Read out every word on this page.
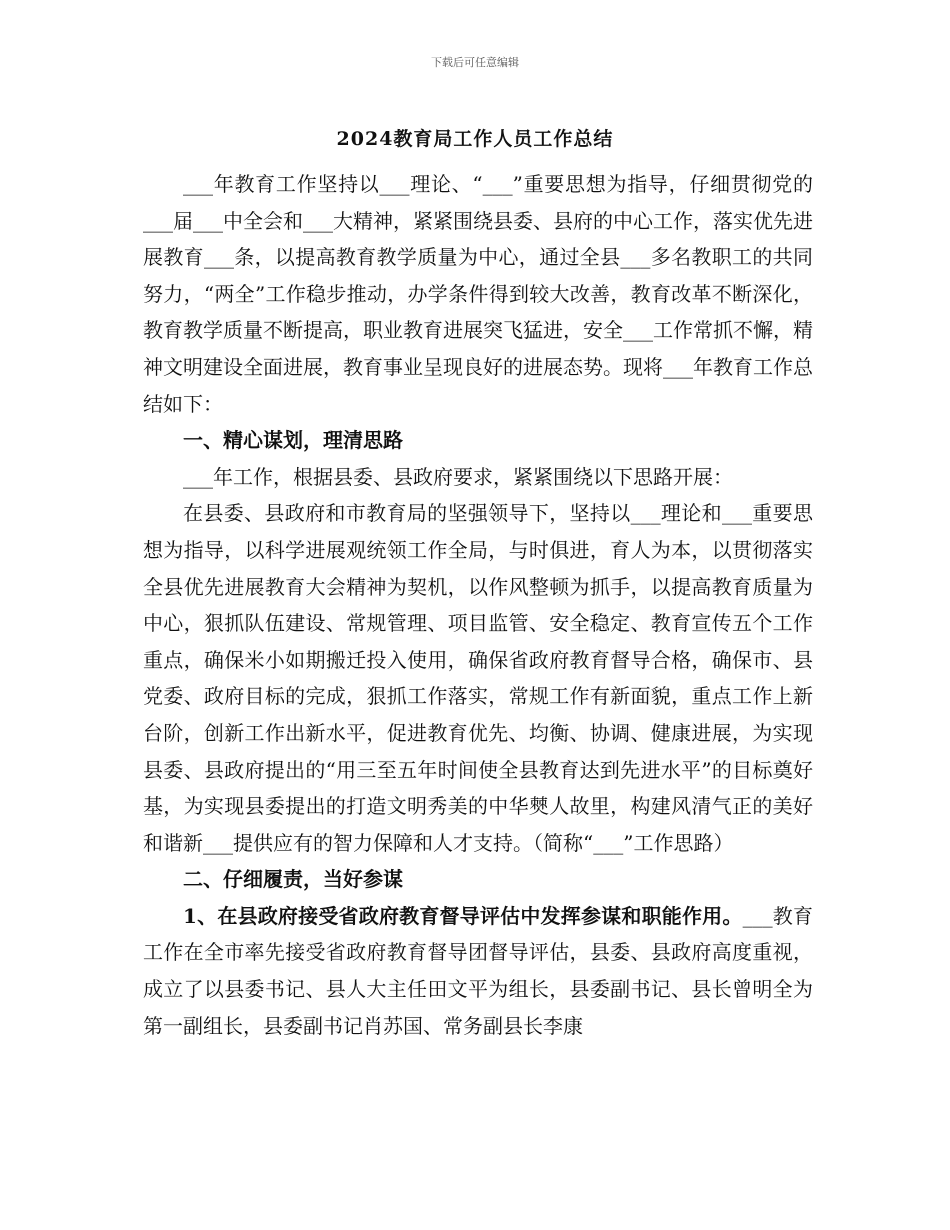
下载后可任意编辑
2024教育局工作人员工作总结

___年教育工作坚持以___理论、“___”重要思想为指导，仔细贯彻党的___届___中全会和___大精神，紧紧围绕县委、县府的中心工作，落实优先进展教育___条，以提高教育教学质量为中心，通过全县___多名教职工的共同努力，“两全”工作稳步推动，办学条件得到较大改善，教育改革不断深化，教育教学质量不断提高，职业教育进展突飞猛进，安全___工作常抓不懈，精神文明建设全面进展，教育事业呈现良好的进展态势。现将___年教育工作总结如下：

一、精心谋划，理清思路

___年工作，根据县委、县政府要求，紧紧围绕以下思路开展：

在县委、县政府和市教育局的坚强领导下，坚持以___理论和___重要思想为指导，以科学进展观统领工作全局，与时俱进，育人为本，以贯彻落实全县优先进展教育大会精神为契机，以作风整顿为抓手，以提高教育质量为中心，狠抓队伍建设、常规管理、项目监管、安全稳定、教育宣传五个工作重点，确保米小如期搬迁投入使用，确保省政府教育督导合格，确保市、县党委、政府目标的完成，狠抓工作落实，常规工作有新面貌，重点工作上新台阶，创新工作出新水平，促进教育优先、均衡、协调、健康进展，为实现县委、县政府提出的“用三至五年时间使全县教育达到先进水平”的目标奠好基，为实现县委提出的打造文明秀美的中华僰人故里，构建风清气正的美好和谐新___提供应有的智力保障和人才支持。（简称“___”工作思路）

二、仔细履责，当好参谋

1、在县政府接受省政府教育督导评估中发挥参谋和职能作用。___教育工作在全市率先接受省政府教育督导团督导评估，县委、县政府高度重视，成立了以县委书记、县人大主任田文平为组长，县委副书记、县长曾明全为第一副组长，县委副书记肖苏国、常务副县长李康
